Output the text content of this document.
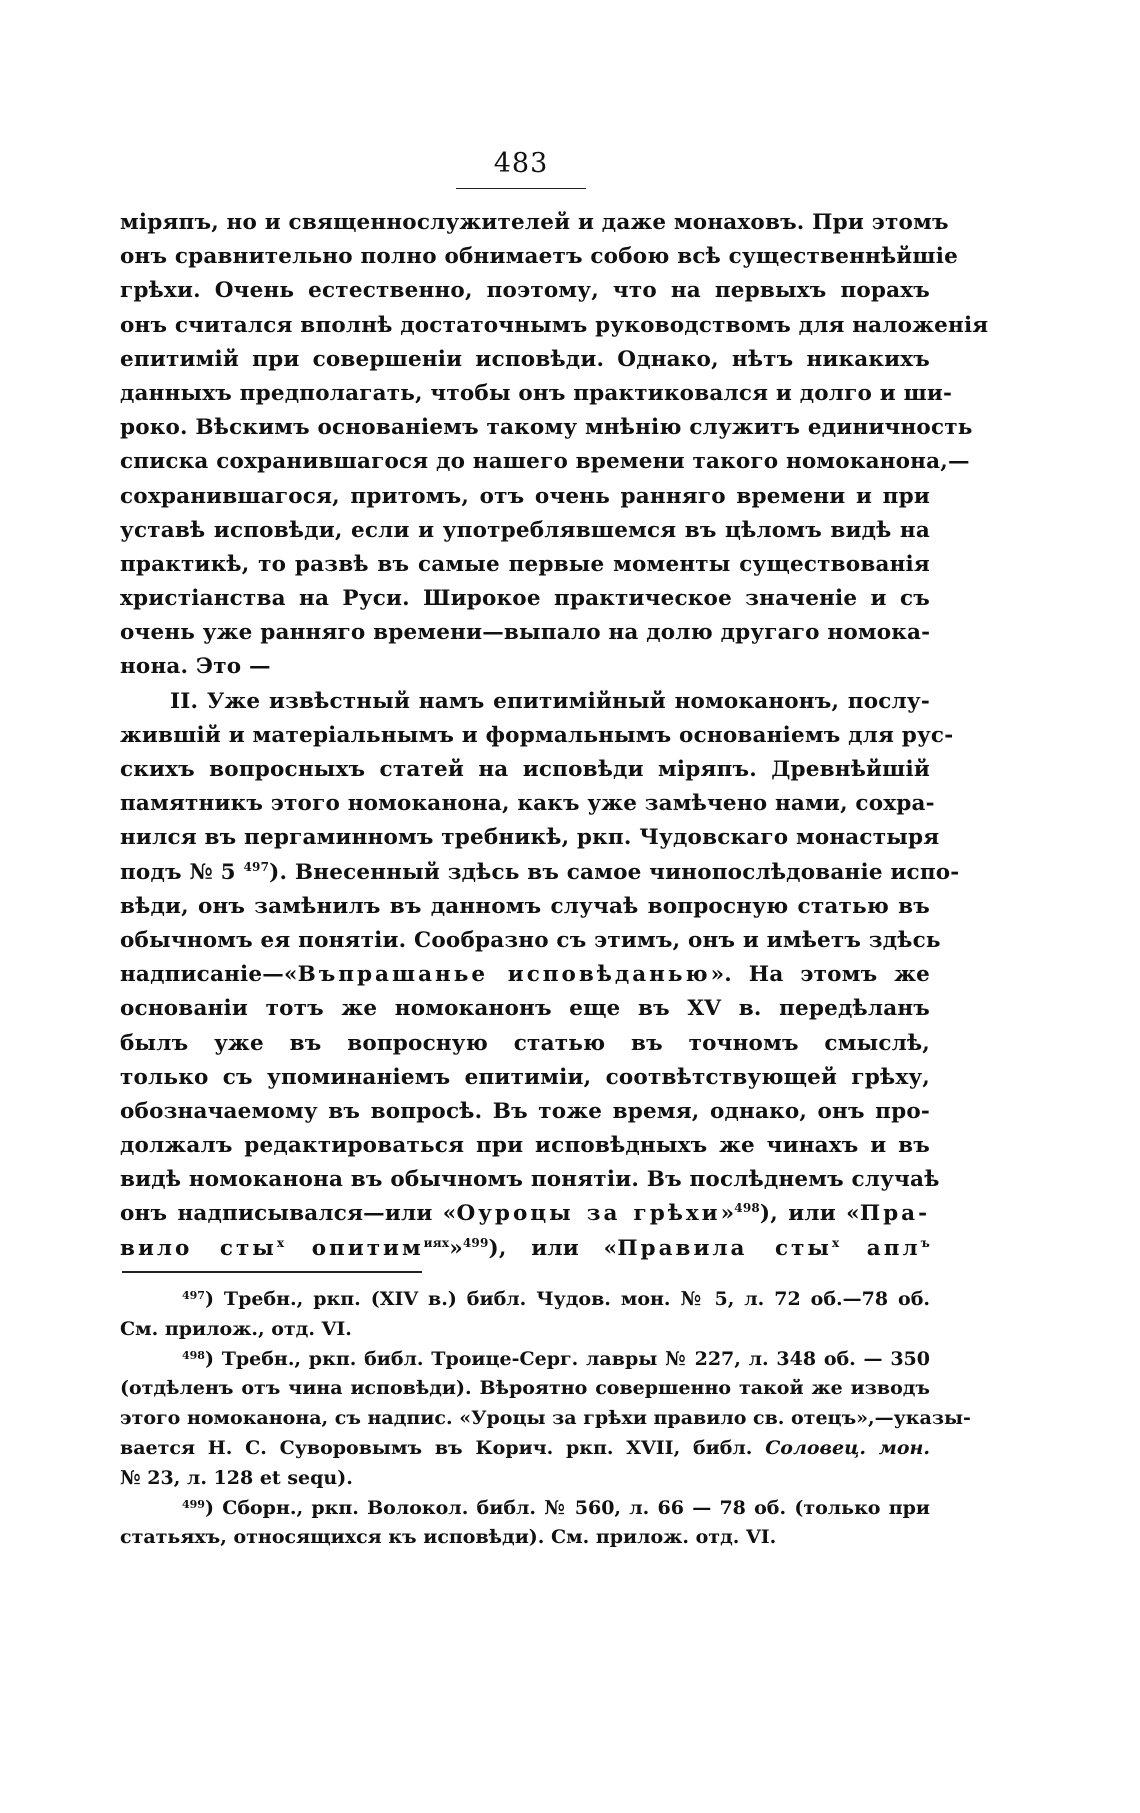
483
міряпъ, но и священнослужителей и даже монаховъ. При этомъ
онъ сравнительно полно обнимаетъ собою всѣ существеннѣйшіе
грѣхи. Очень естественно, поэтому, что на первыхъ порахъ
онъ считался вполнѣ достаточнымъ руководствомъ для наложенія
епитимій при совершеніи исповѣди. Однако, нѣтъ никакихъ
данныхъ предполагать, чтобы онъ практиковался и долго и ши-
роко. Вѣскимъ основаніемъ такому мнѣнію служитъ единичность
списка сохранившагося до нашего времени такого номоканона,—
сохранившагося, притомъ, отъ очень ранняго времени и при
уставѣ исповѣди, если и употреблявшемся въ цѣломъ видѣ на
практикѣ, то развѣ въ самые первые моменты существованія
христіанства на Руси. Широкое практическое значеніе и съ
очень уже ранняго времени—выпало на долю другаго номока-
нона. Это —
II. Уже извѣстный намъ епитимійный номоканонъ, послу-
жившій и матеріальнымъ и формальнымъ основаніемъ для рус-
скихъ вопросныхъ статей на исповѣди міряпъ. Древнѣйшій
памятникъ этого номоканона, какъ уже замѣчено нами, сохра-
нился въ пергаминномъ требникѣ, ркп. Чудовскаго монастыря
подъ № 5 $^{497}$). Внесенный здѣсь въ самое чинопослѣдованіе испо-
вѣди, онъ замѣнилъ въ данномъ случаѣ вопросную статью въ
обычномъ ея понятіи. Сообразно съ этимъ, онъ и имѣетъ здѣсь
надписаніе—«Въпрашанье исповѣданью». На этомъ же
основаніи тотъ же номоканонъ еще въ XV в. передѣланъ
былъ уже въ вопросную статью въ точномъ смыслѣ,
только съ упоминаніемъ епитиміи, соотвѣтствующей грѣху,
обозначаемому въ вопросѣ. Въ тоже время, однако, онъ про-
должалъ редактироваться при исповѣдныхъ же чинахъ и въ
видѣ номоканона въ обычномъ понятіи. Въ послѣднемъ случаѣ
онъ надписывался—или «Оуроцы за грѣхи»$^{498}$), или «Пра-
вило сты$^х$ опитим$^{иях}$»$^{499}$), или «Правила сты$^х$ апл$^ъ$
$^{497}$) Требн., ркп. (XIV в.) библ. Чудов. мон. № 5, л. 72 об.—78 об.
См. прилож., отд. VI.
$^{498}$) Требн., ркп. библ. Троице-Серг. лавры № 227, л. 348 об. — 350
(отдѣленъ отъ чина исповѣди). Вѣроятно совершенно такой же изводъ
этого номоканона, съ надпис. «Уроцы за грѣхи правило св. отецъ»,—указы-
вается Н. С. Суворовымъ въ Корич. ркп. XVII, библ. Соловец. мон.
№ 23, л. 128 et sequ).
$^{499}$) Сборн., ркп. Волокол. библ. № 560, л. 66 — 78 об. (только при
статьяхъ, относящихся къ исповѣди). См. прилож. отд. VI.
